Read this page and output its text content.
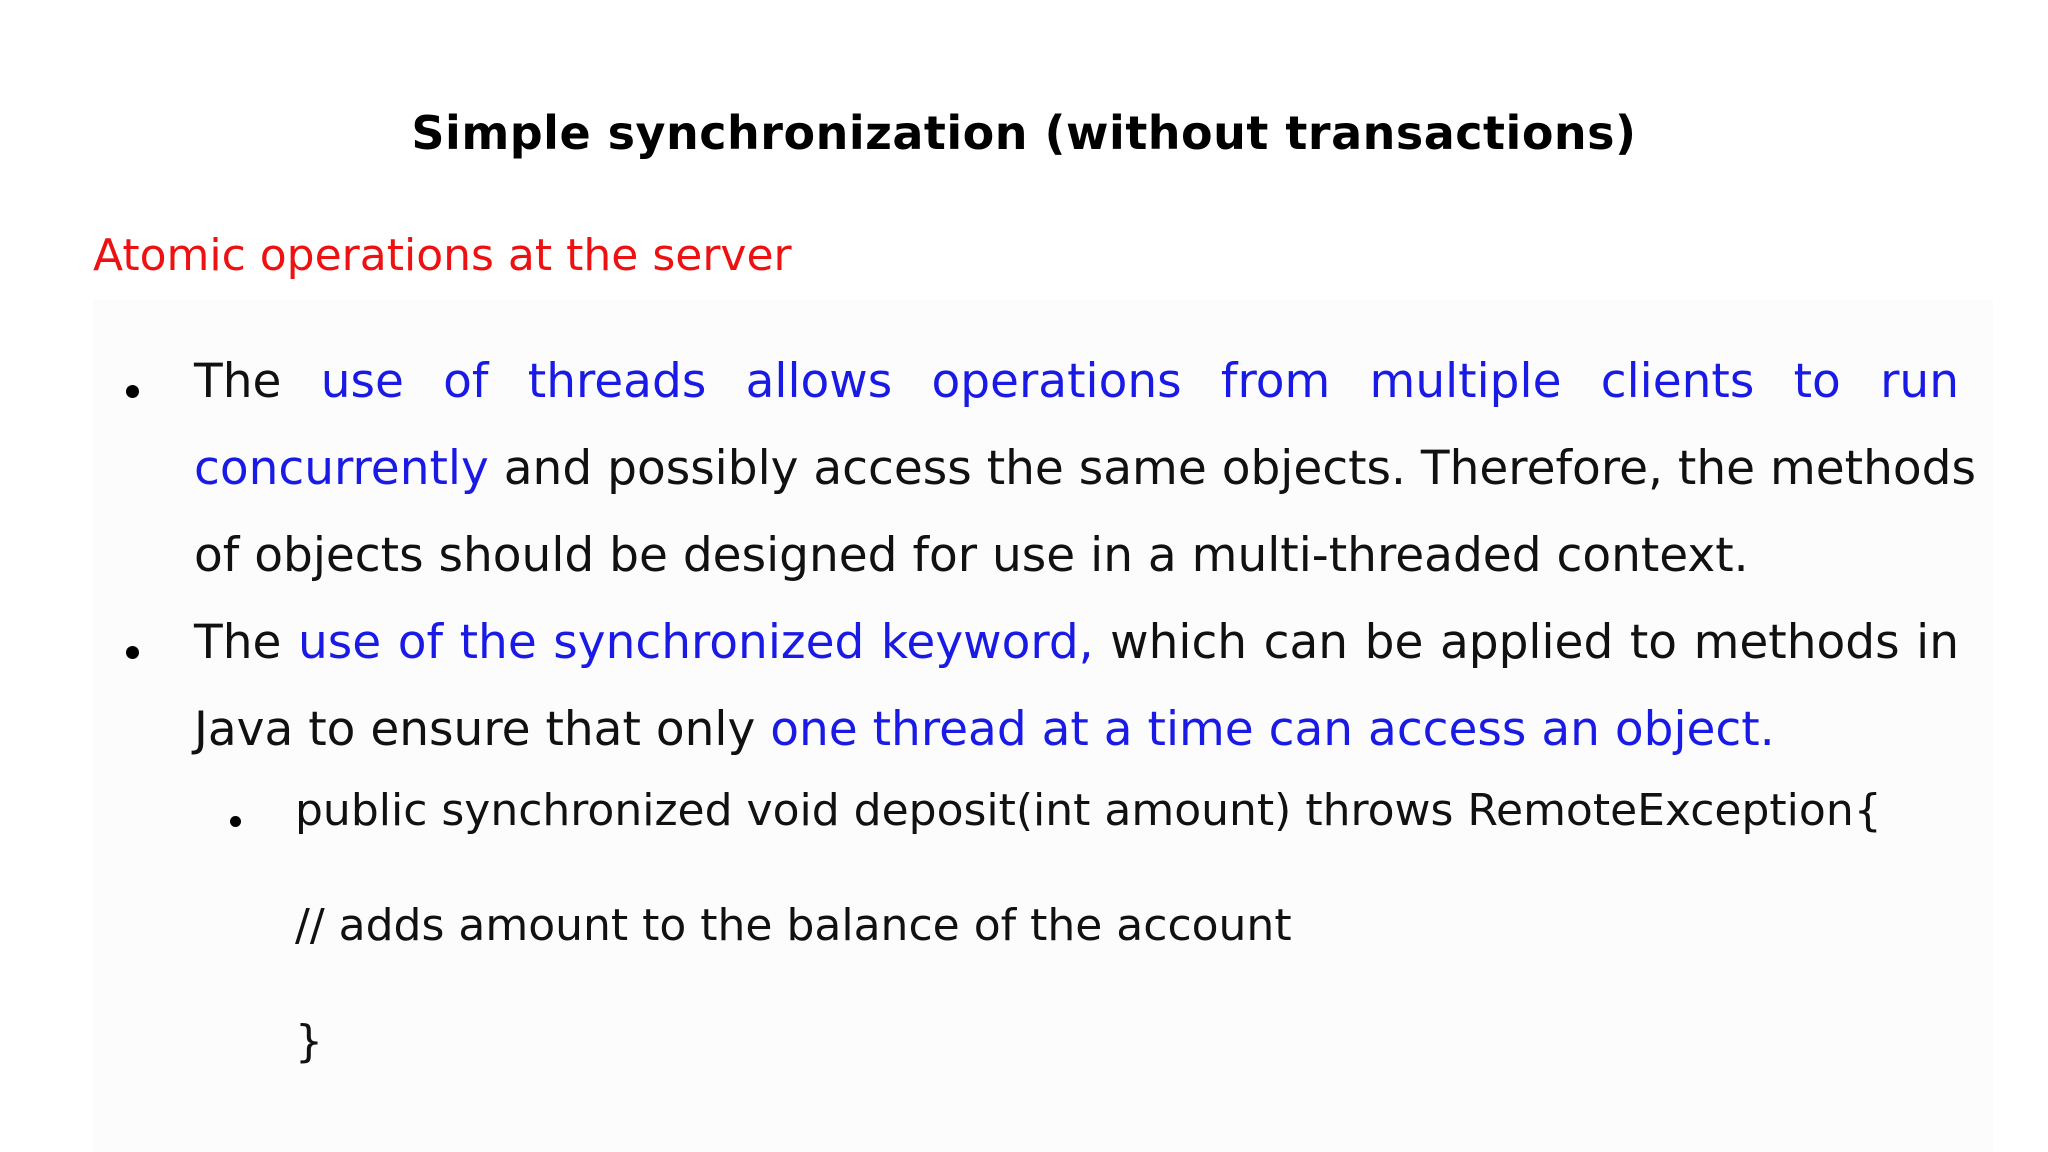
Simple synchronization (without transactions)
Atomic operations at the server
The use of threads allows operations from multiple clients to run
concurrently and possibly access the same objects. Therefore, the methods
of objects should be designed for use in a multi-threaded context.
The use of the synchronized keyword, which can be applied to methods in
Java to ensure that only one thread at a time can access an object.
public synchronized void deposit(int amount) throws RemoteException{
// adds amount to the balance of the account
}
